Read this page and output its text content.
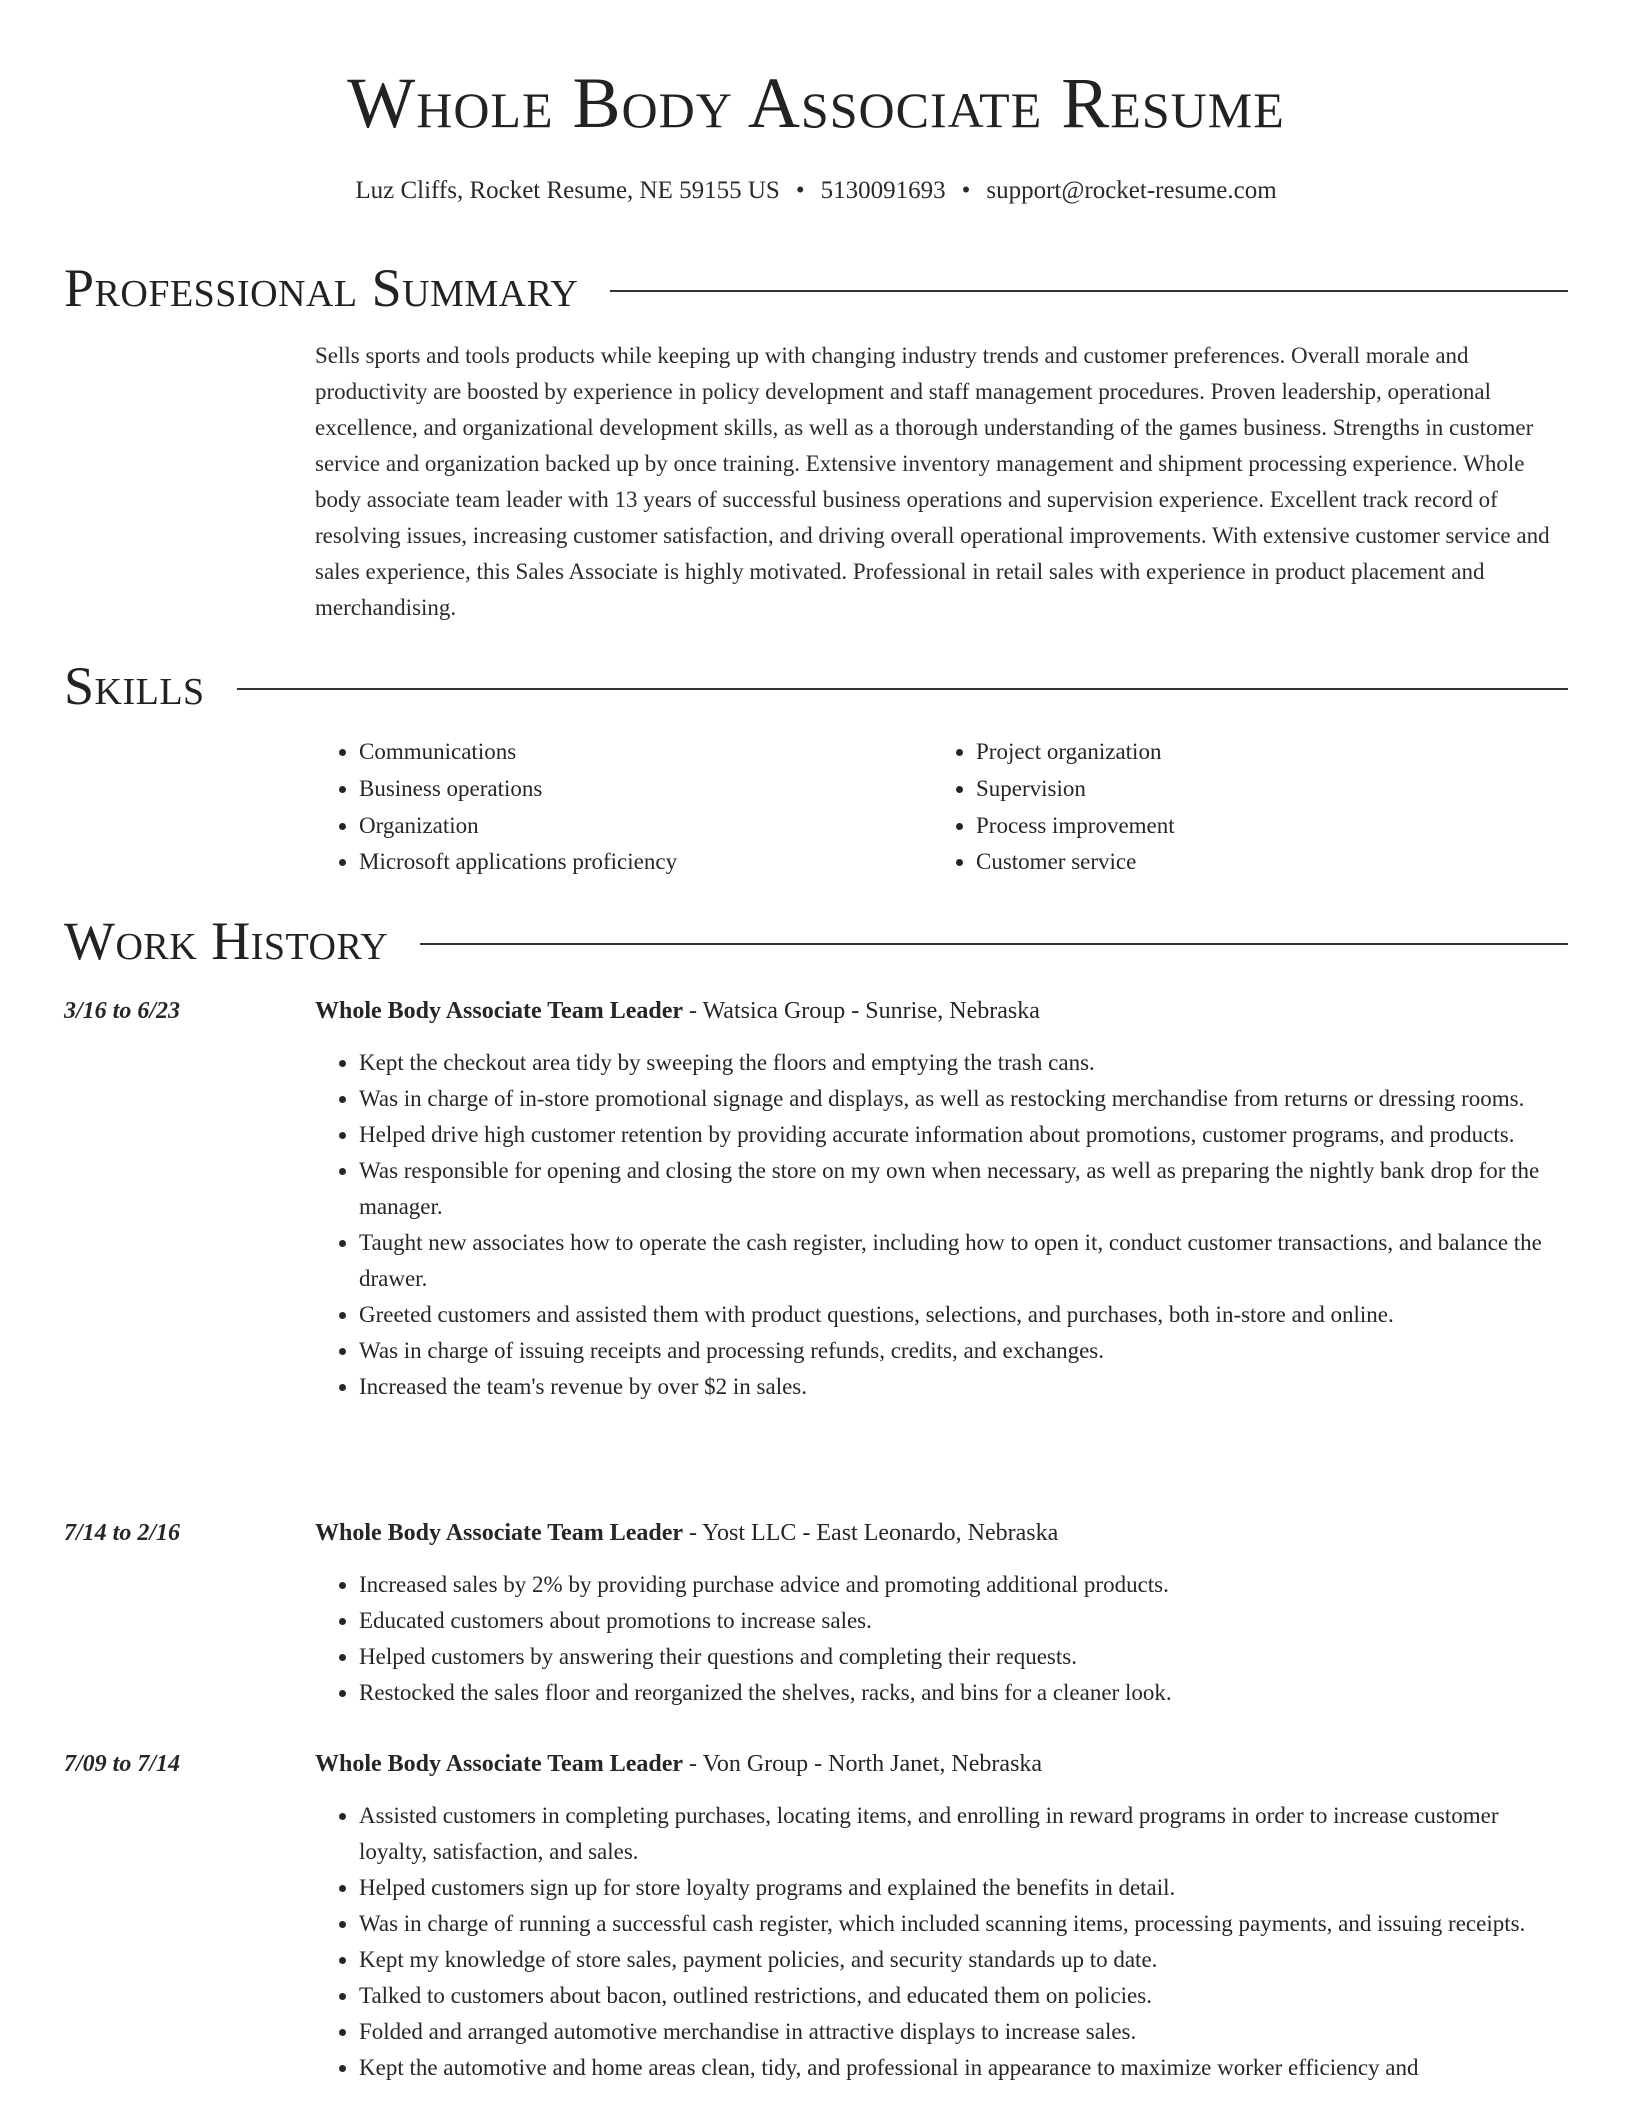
Whole Body Associate Resume
Luz Cliffs, Rocket Resume, NE 59155 US • 5130091693 • support@rocket-resume.com
Professional Summary

Sells sports and tools products while keeping up with changing industry trends and customer preferences. Overall morale and productivity are boosted by experience in policy development and staff management procedures. Proven leadership, operational excellence, and organizational development skills, as well as a thorough understanding of the games business. Strengths in customer service and organization backed up by once training. Extensive inventory management and shipment processing experience. Whole body associate team leader with 13 years of successful business operations and supervision experience. Excellent track record of resolving issues, increasing customer satisfaction, and driving overall operational improvements. With extensive customer service and sales experience, this Sales Associate is highly motivated. Professional in retail sales with experience in product placement and merchandising.

Skills
• Communications
• Business operations
• Organization
• Microsoft applications proficiency
• Project organization
• Supervision
• Process improvement
• Customer service
Work History
3/16 to 6/23	Whole Body Associate Team Leader - Watsica Group - Sunrise, Nebraska
• Kept the checkout area tidy by sweeping the floors and emptying the trash cans.
• Was in charge of in-store promotional signage and displays, as well as restocking merchandise from returns or dressing rooms.
• Helped drive high customer retention by providing accurate information about promotions, customer programs, and products.
• Was responsible for opening and closing the store on my own when necessary, as well as preparing the nightly bank drop for the manager.
• Taught new associates how to operate the cash register, including how to open it, conduct customer transactions, and balance the drawer.
• Greeted customers and assisted them with product questions, selections, and purchases, both in-store and online.
• Was in charge of issuing receipts and processing refunds, credits, and exchanges.
• Increased the team's revenue by over $2 in sales.
7/14 to 2/16	Whole Body Associate Team Leader - Yost LLC - East Leonardo, Nebraska
• Increased sales by 2% by providing purchase advice and promoting additional products.
• Educated customers about promotions to increase sales.
• Helped customers by answering their questions and completing their requests.
• Restocked the sales floor and reorganized the shelves, racks, and bins for a cleaner look.
7/09 to 7/14	Whole Body Associate Team Leader - Von Group - North Janet, Nebraska
• Assisted customers in completing purchases, locating items, and enrolling in reward programs in order to increase customer loyalty, satisfaction, and sales.
• Helped customers sign up for store loyalty programs and explained the benefits in detail.
• Was in charge of running a successful cash register, which included scanning items, processing payments, and issuing receipts.
• Kept my knowledge of store sales, payment policies, and security standards up to date.
• Talked to customers about bacon, outlined restrictions, and educated them on policies.
• Folded and arranged automotive merchandise in attractive displays to increase sales.
• Kept the automotive and home areas clean, tidy, and professional in appearance to maximize worker efficiency and
